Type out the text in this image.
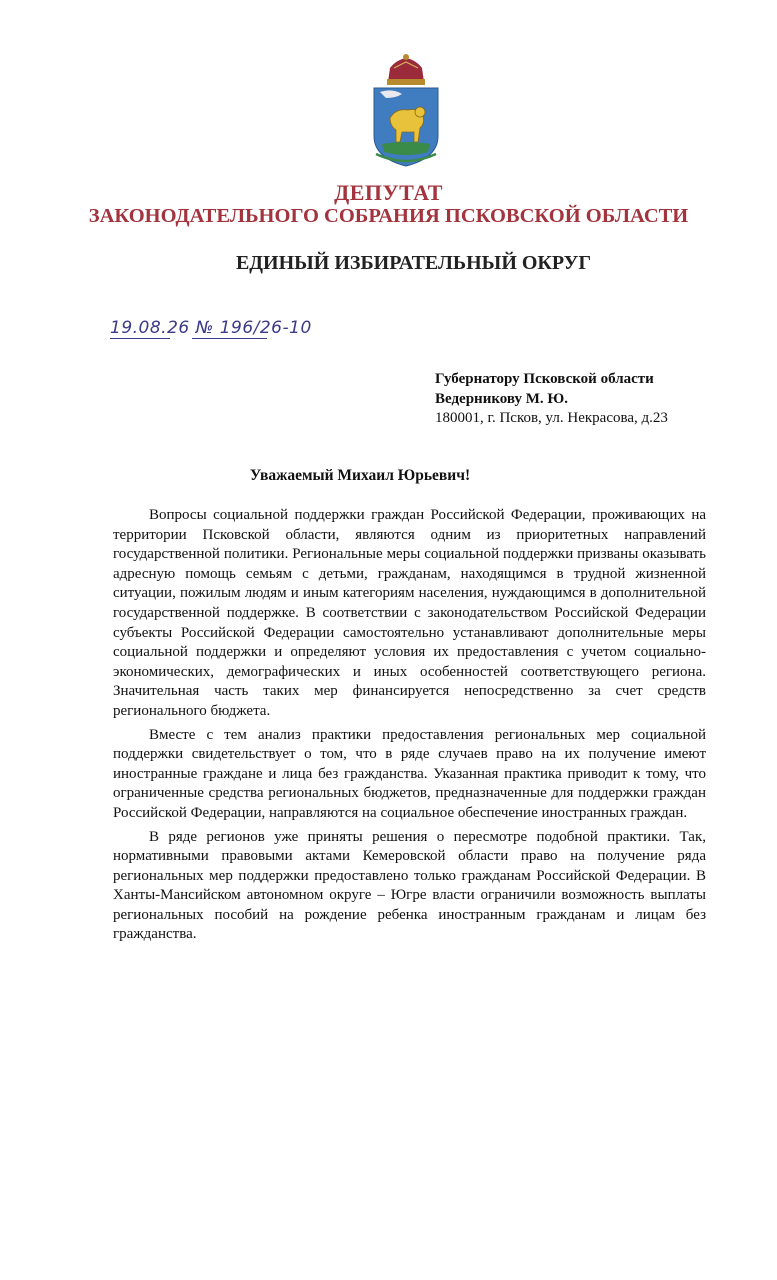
ДЕПУТАТ
ЗАКОНОДАТЕЛЬНОГО СОБРАНИЯ ПСКОВСКОЙ ОБЛАСТИ
ЕДИНЫЙ ИЗБИРАТЕЛЬНЫЙ ОКРУГ
19.08.26 № 196/26-10
Губернатору Псковской области
Ведерникову М. Ю.
180001, г. Псков, ул. Некрасова, д.23
Уважаемый Михаил Юрьевич!

Вопросы социальной поддержки граждан Российской Федерации, проживающих на территории Псковской области, являются одним из приоритетных направлений государственной политики. Региональные меры социальной поддержки призваны оказывать адресную помощь семьям с детьми, гражданам, находящимся в трудной жизненной ситуации, пожилым людям и иным категориям населения, нуждающимся в дополнительной государственной поддержке. В соответствии с законодательством Российской Федерации субъекты Российской Федерации самостоятельно устанавливают дополнительные меры социальной поддержки и определяют условия их предоставления с учетом социально-экономических, демографических и иных особенностей соответствующего региона. Значительная часть таких мер финансируется непосредственно за счет средств регионального бюджета.

Вместе с тем анализ практики предоставления региональных мер социальной поддержки свидетельствует о том, что в ряде случаев право на их получение имеют иностранные граждане и лица без гражданства. Указанная практика приводит к тому, что ограниченные средства региональных бюджетов, предназначенные для поддержки граждан Российской Федерации, направляются на социальное обеспечение иностранных граждан.

В ряде регионов уже приняты решения о пересмотре подобной практики. Так, нормативными правовыми актами Кемеровской области право на получение ряда региональных мер поддержки предоставлено только гражданам Российской Федерации. В Ханты-Мансийском автономном округе – Югре власти ограничили возможность выплаты региональных пособий на рождение ребенка иностранным гражданам и лицам без гражданства.
